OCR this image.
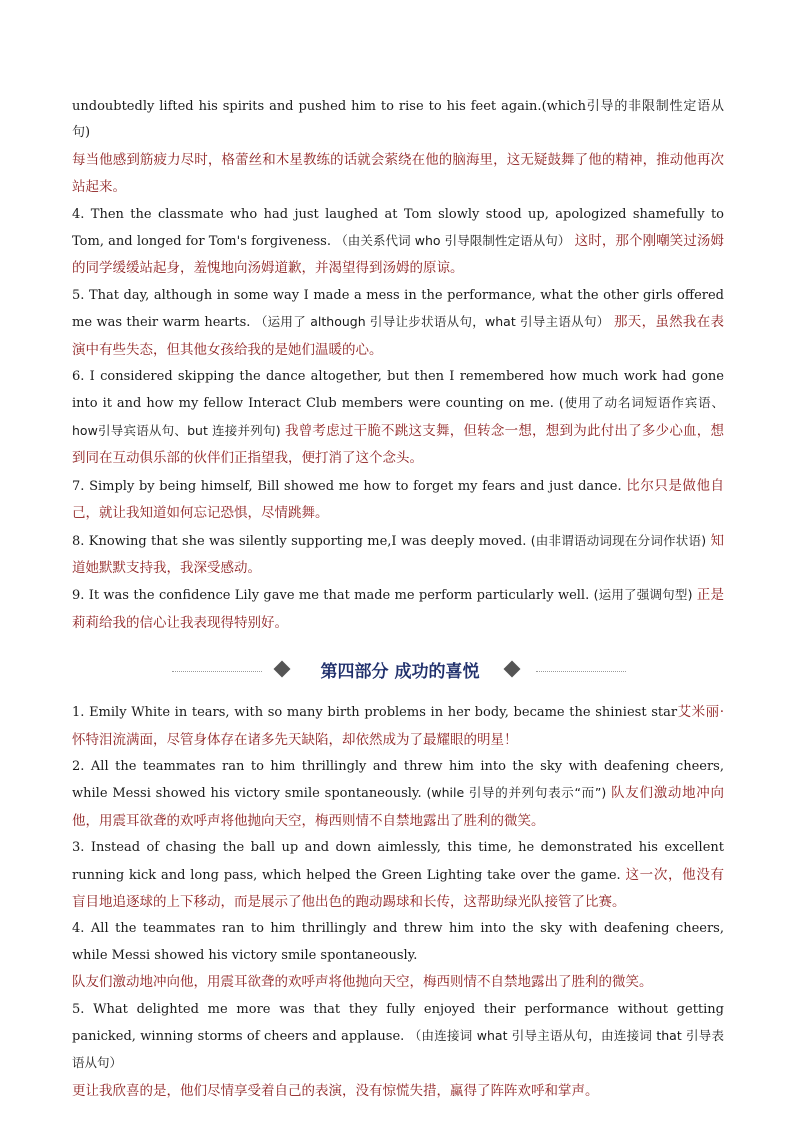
undoubtedly lifted his spirits and pushed him to rise to his feet again.(which引导的非限制性定语从句)
每当他感到筋疲力尽时，格蕾丝和木星教练的话就会萦绕在他的脑海里，这无疑鼓舞了他的精神，推动他再次站起来。

4. Then the classmate who had just laughed at Tom slowly stood up, apologized shamefully to Tom, and longed for Tom's forgiveness. （由关系代词 who 引导限制性定语从句） 这时，那个刚嘲笑过汤姆的同学缓缓站起身，羞愧地向汤姆道歉，并渴望得到汤姆的原谅。

5. That day, although in some way I made a mess in the performance, what the other girls offered me was their warm hearts. （运用了 although 引导让步状语从句，what 引导主语从句） 那天，虽然我在表演中有些失态，但其他女孩给我的是她们温暖的心。

6. I considered skipping the dance altogether, but then I remembered how much work had gone into it and how my fellow Interact Club members were counting on me. (使用了动名词短语作宾语、how引导宾语从句、but 连接并列句) 我曾考虑过干脆不跳这支舞，但转念一想，想到为此付出了多少心血，想到同在互动俱乐部的伙伴们正指望我，便打消了这个念头。

7. Simply by being himself, Bill showed me how to forget my fears and just dance. 比尔只是做他自己，就让我知道如何忘记恐惧，尽情跳舞。

8. Knowing that she was silently supporting me,I was deeply moved. (由非谓语动词现在分词作状语) 知道她默默支持我，我深受感动。

9. It was the confidence Lily gave me that made me perform particularly well. (运用了强调句型) 正是莉莉给我的信心让我表现得特别好。

第四部分 成功的喜悦

1. Emily White in tears, with so many birth problems in her body, became the shiniest star艾米丽·怀特泪流满面，尽管身体存在诸多先天缺陷，却依然成为了最耀眼的明星！

2. All the teammates ran to him thrillingly and threw him into the sky with deafening cheers, while Messi showed his victory smile spontaneously. (while 引导的并列句表示“而”) 队友们激动地冲向他，用震耳欲聋的欢呼声将他抛向天空，梅西则情不自禁地露出了胜利的微笑。

3. Instead of chasing the ball up and down aimlessly, this time, he demonstrated his excellent running kick and long pass, which helped the Green Lighting take over the game. 这一次，他没有盲目地追逐球的上下移动，而是展示了他出色的跑动踢球和长传，这帮助绿光队接管了比赛。

4. All the teammates ran to him thrillingly and threw him into the sky with deafening cheers, while Messi showed his victory smile spontaneously.
队友们激动地冲向他，用震耳欲聋的欢呼声将他抛向天空，梅西则情不自禁地露出了胜利的微笑。

5. What delighted me more was that they fully enjoyed their performance without getting panicked, winning storms of cheers and applause. （由连接词 what 引导主语从句，由连接词 that 引导表语从句）
更让我欣喜的是，他们尽情享受着自己的表演，没有惊慌失措，赢得了阵阵欢呼和掌声。
